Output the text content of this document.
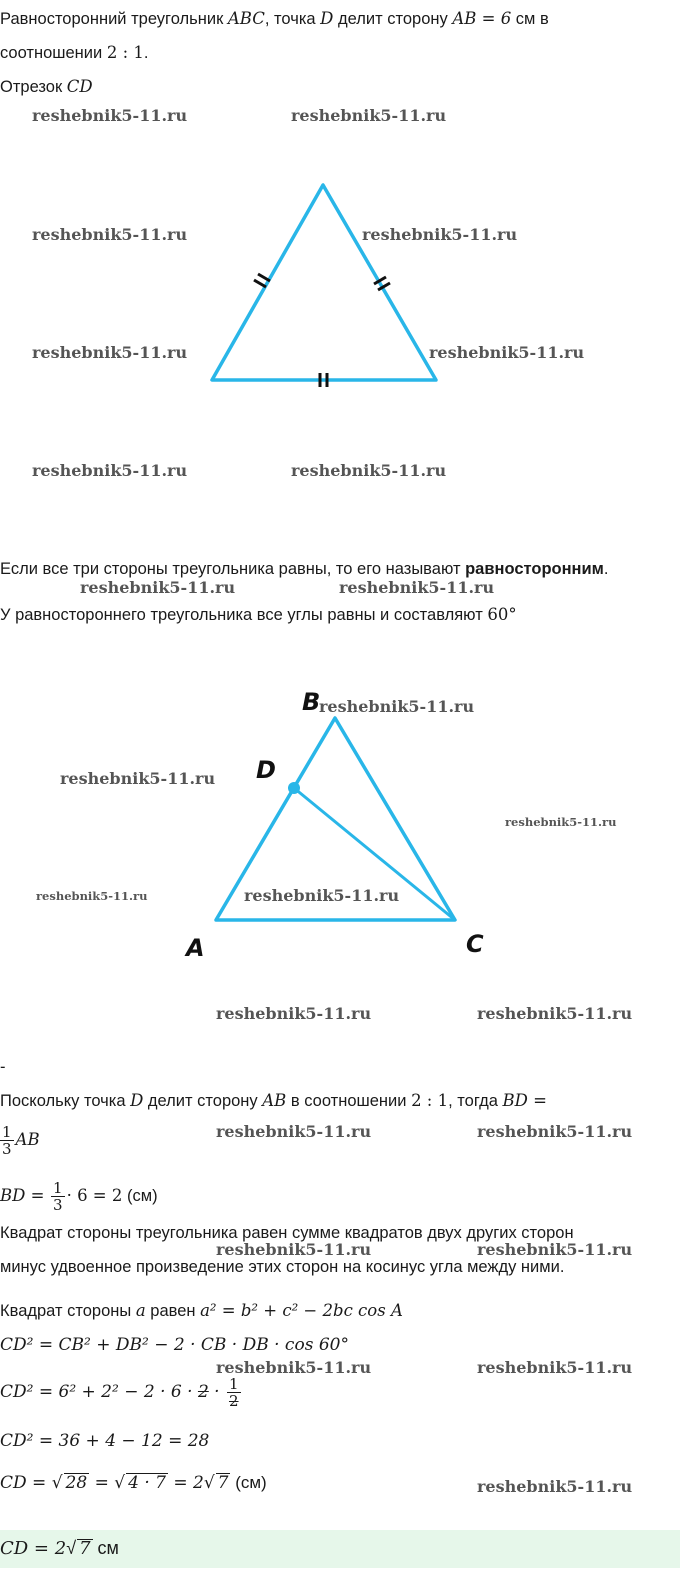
Равносторонний треугольник ABC, точка D делит сторону AB = 6 см в
соотношении 2 : 1.
Отрезок CD
Если все три стороны треугольника равны, то его называют равносторонним.
У равностороннего треугольника все углы равны и составляют 60°
A
B
C
D
-
Поскольку точка D делит сторону AB в соотношении 2 : 1, тогда BD =
$\frac{1}{3}$ AB
BD = $\frac{1}{3} \cdot 6 = 2$ (см)
Квадрат стороны треугольника равен сумме квадратов двух других сторон
минус удвоенное произведение этих сторон на косинус угла между ними.
Квадрат стороны a равен a² = b² + c² − 2bc cos A
CD² = CB² + DB² − 2 · CB · DB · cos 60°
$CD^2 = 6^2 + 2^2 - 2 \cdot 6 \cdot 2 \cdot \frac{1}{2}$
CD² = 36 + 4 − 12 = 28
CD = √ 28 = √ 4 · 7 = 2√ 7 (см)
CD = 2√ 7 см
reshebnik5-11.ru	reshebnik5-11.ru
reshebnik5-11.ru	reshebnik5-11.ru
reshebnik5-11.ru	reshebnik5-11.ru
reshebnik5-11.ru	reshebnik5-11.ru
reshebnik5-11.ru	reshebnik5-11.ru
reshebnik5-11.ru
reshebnik5-11.ru
reshebnik5-11.ru
reshebnik5-11.ru	reshebnik5-11.ru
reshebnik5-11.ru	reshebnik5-11.ru
reshebnik5-11.ru	reshebnik5-11.ru
reshebnik5-11.ru	reshebnik5-11.ru
reshebnik5-11.ru	reshebnik5-11.ru
reshebnik5-11.ru
